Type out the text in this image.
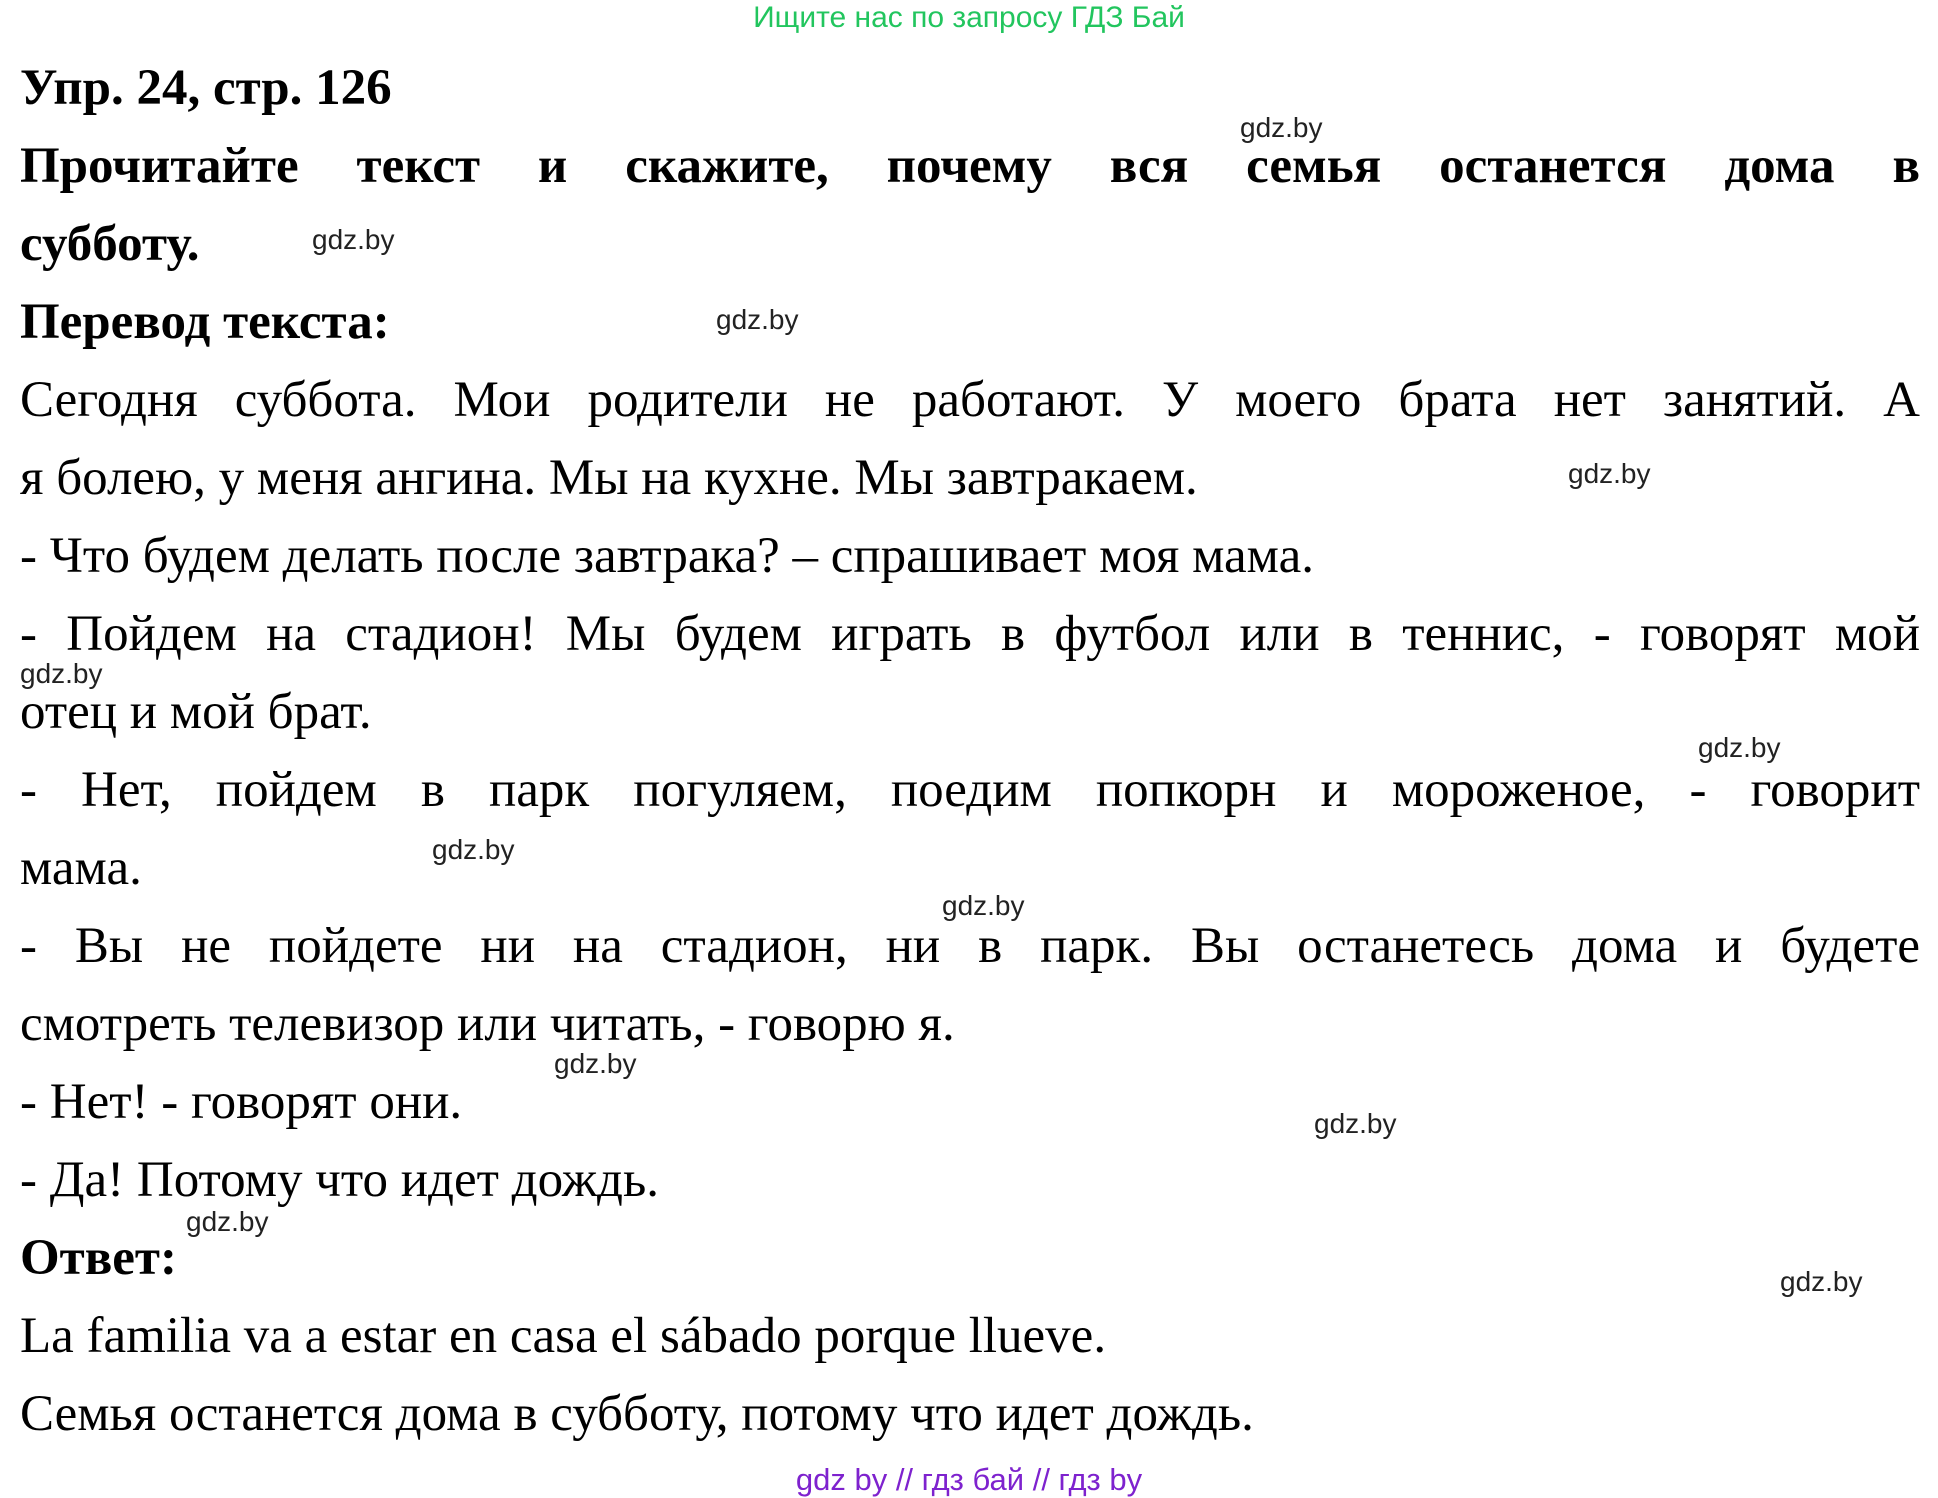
Ищите нас по запросу ГДЗ Бай
Упр. 24, стр. 126
Прочитайте текст и скажите, почему вся семья останется дома в
субботу.
Перевод текста:
Сегодня суббота. Мои родители не работают. У моего брата нет занятий. А
я болею, у меня ангина. Мы на кухне. Мы завтракаем.
- Что будем делать после завтрака? – спрашивает моя мама.
- Пойдем на стадион! Мы будем играть в футбол или в теннис, - говорят мой
отец и мой брат.
- Нет, пойдем в парк погуляем, поедим попкорн и мороженое, - говорит
мама.
- Вы не пойдете ни на стадион, ни в парк. Вы останетесь дома и будете
смотреть телевизор или читать, - говорю я.
- Нет! - говорят они.
- Да! Потому что идет дождь.
Ответ:
La familia va a estar en casa el sábado porque llueve.
Семья останется дома в субботу, потому что идет дождь.
gdz.by
gdz.by
gdz.by
gdz.by
gdz.by
gdz.by
gdz.by
gdz.by
gdz.by
gdz.by
gdz.by
gdz.by
gdz by // гдз бай // гдз by
